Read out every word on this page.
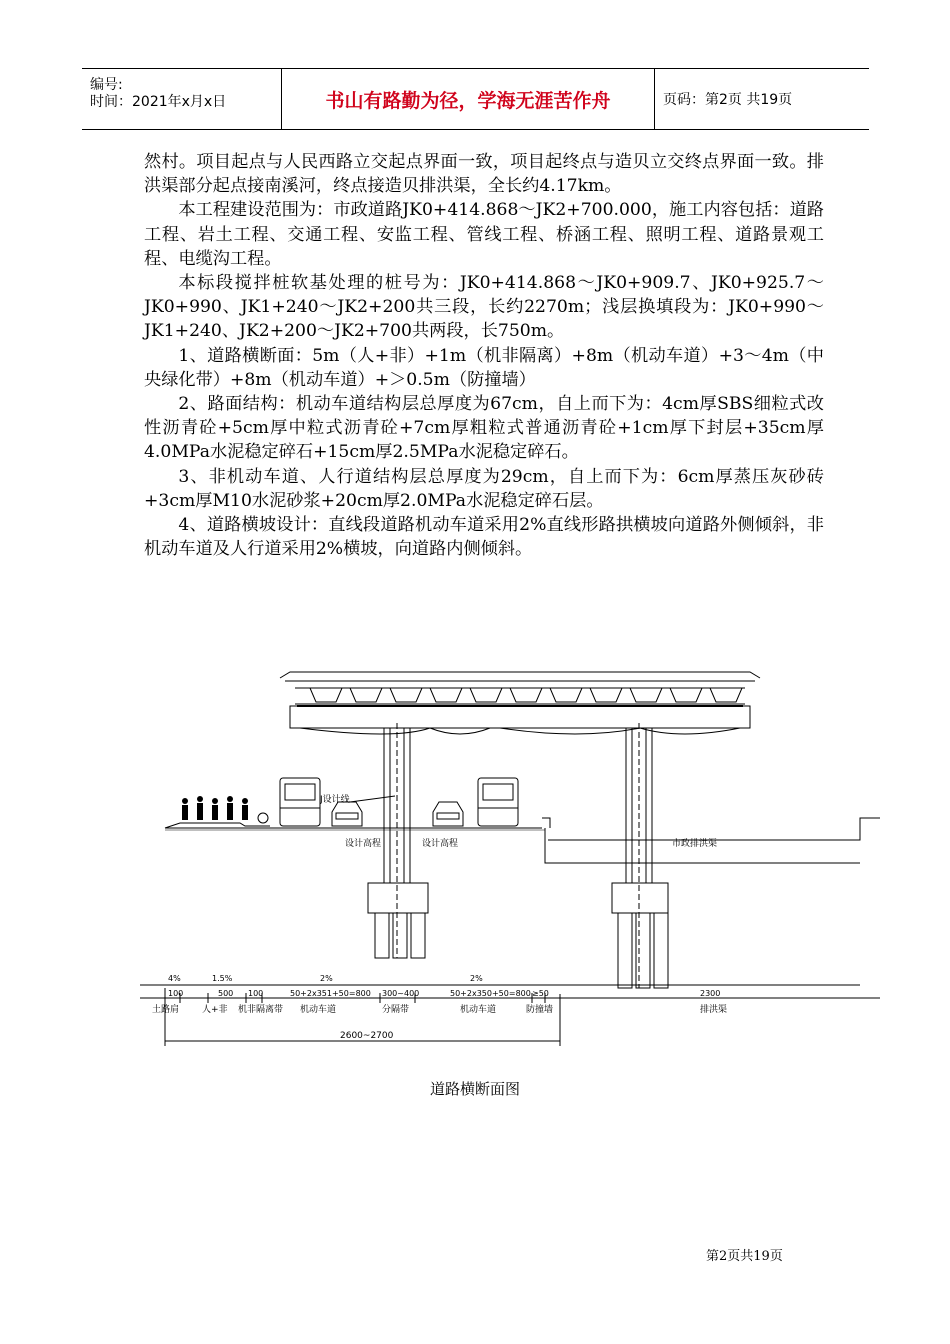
编号:
时间：2021年x月x日	书山有路勤为径，学海无涯苦作舟	页码：第2页 共19页

然村。项目起点与人民西路立交起点界面一致，项目起终点与造贝立交终点界面一致。排洪渠部分起点接南溪河，终点接造贝排洪渠，全长约4.17km。

本工程建设范围为：市政道路JK0+414.868～JK2+700.000，施工内容包括：道路工程、岩土工程、交通工程、安监工程、管线工程、桥涵工程、照明工程、道路景观工程、电缆沟工程。

本标段搅拌桩软基处理的桩号为：JK0+414.868～JK0+909.7、JK0+925.7～JK0+990、JK1+240～JK2+200共三段，长约2270m；浅层换填段为：JK0+990～JK1+240、JK2+200～JK2+700共两段，长750m。

1、道路横断面：5m（人+非）+1m（机非隔离）+8m（机动车道）+3～4m（中央绿化带）+8m（机动车道）+＞0.5m（防撞墙）

2、路面结构：机动车道结构层总厚度为67cm，自上而下为：4cm厚SBS细粒式改性沥青砼+5cm厚中粒式沥青砼+7cm厚粗粒式普通沥青砼+1cm厚下封层+35cm厚4.0MPa水泥稳定碎石+15cm厚2.5MPa水泥稳定碎石。

3、非机动车道、人行道结构层总厚度为29cm，自上而下为：6cm厚蒸压灰砂砖+3cm厚M10水泥砂浆+20cm厚2.0MPa水泥稳定碎石层。

4、道路横坡设计：直线段道路机动车道采用2%直线形路拱横坡向道路外侧倾斜，非机动车道及人行道采用2%横坡，向道路内侧倾斜。

J设计线
设计高程	设计高程	市政排洪渠
4%	1.5%	2%	2%
100	500 100	50+2x351+50=800 300~400	50+2x350+50=800 ≥50	2300
土路肩	人+非 机非隔离带 机动车道	分隔带	机动车道	防撞墙	排洪渠
2600~2700
道路横断面图
第2页共19页
